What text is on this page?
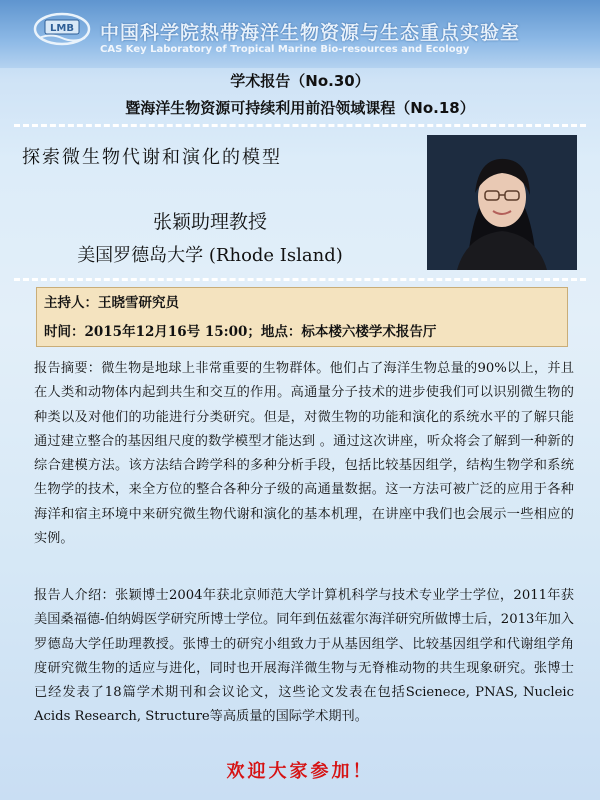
LMB 中国科学院热带海洋生物资源与生态重点实验室
CAS Key Laboratory of Tropical Marine Bio-resources and Ecology
学术报告（No.30）
暨海洋生物资源可持续利用前沿领域课程（No.18）
探索微生物代谢和演化的模型
张颖助理教授
美国罗德岛大学 (Rhode Island)
主持人：王晓雪研究员
时间：2015年12月16号 15:00；地点：标本楼六楼学术报告厅
报告摘要：微生物是地球上非常重要的生物群体。他们占了海洋生物总量的90%以上，并且在人类和动物体内起到共生和交互的作用。高通量分子技术的进步使我们可以识别微生物的种类以及对他们的功能进行分类研究。但是，对微生物的功能和演化的系统水平的了解只能通过建立整合的基因组尺度的数学模型才能达到 。通过这次讲座，听众将会了解到一种新的综合建模方法。该方法结合跨学科的多种分析手段，包括比较基因组学，结构生物学和系统生物学的技术，来全方位的整合各种分子级的高通量数据。这一方法可被广泛的应用于各种海洋和宿主环境中来研究微生物代谢和演化的基本机理，在讲座中我们也会展示一些相应的实例。
报告人介绍：张颖博士2004年获北京师范大学计算机科学与技术专业学士学位，2011年获美国桑福德-伯纳姆医学研究所博士学位。同年到伍兹霍尔海洋研究所做博士后，2013年加入罗德岛大学任助理教授。张博士的研究小组致力于从基因组学、比较基因组学和代谢组学角度研究微生物的适应与进化，同时也开展海洋微生物与无脊椎动物的共生现象研究。张博士已经发表了18篇学术期刊和会议论文，这些论文发表在包括Scienece, PNAS, Nucleic Acids Research, Structure等高质量的国际学术期刊。
欢迎大家参加！
